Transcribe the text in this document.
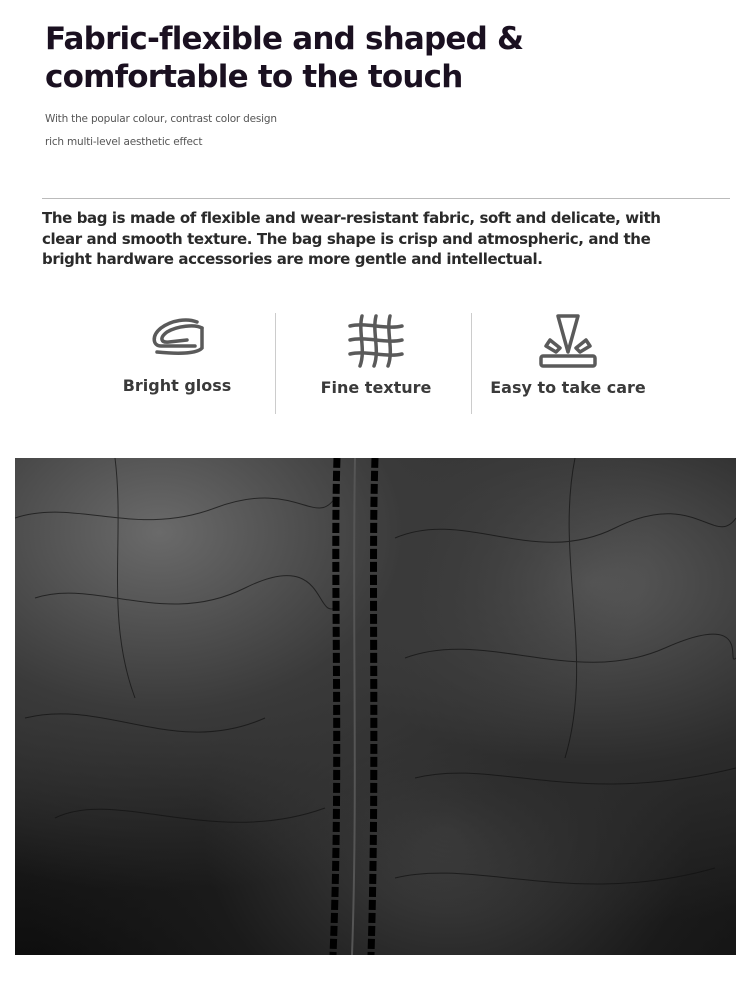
Fabric-flexible and shaped &
comfortable to the touch
With the popular colour, contrast color design
rich multi-level aesthetic effect

The bag is made of flexible and wear-resistant fabric, soft and delicate, with clear and smooth texture. The bag shape is crisp and atmospheric, and the bright hardware accessories are more gentle and intellectual.

Bright gloss	Fine texture	Easy to take care
